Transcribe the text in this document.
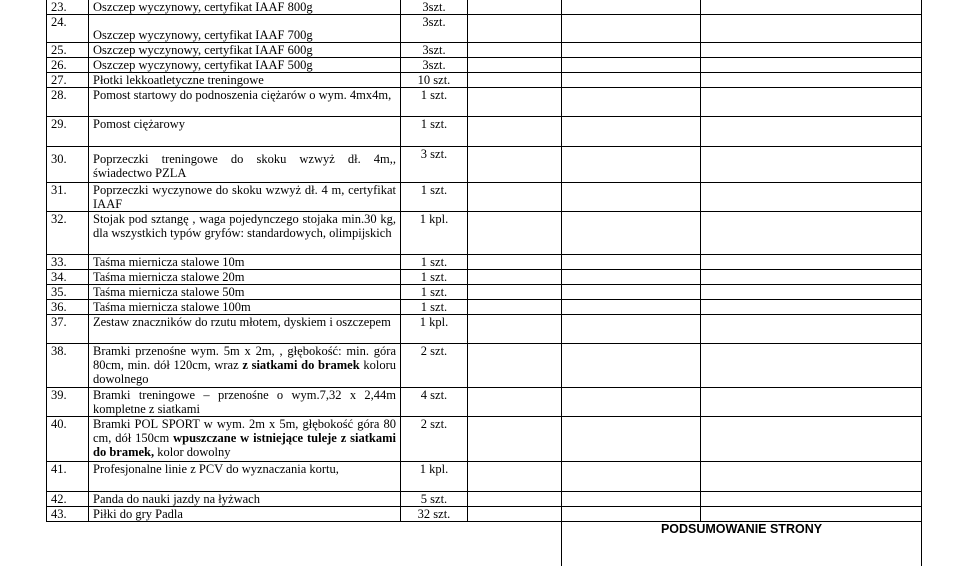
23.	Oszczep wyczynowy, certyfikat IAAF 800g	3szt.			
24.	Oszczep wyczynowy, certyfikat IAAF 700g	3szt.			
25.	Oszczep wyczynowy, certyfikat IAAF 600g	3szt.			
26.	Oszczep wyczynowy, certyfikat IAAF 500g	3szt.			
27.	Płotki lekkoatletyczne treningowe	10 szt.			
28.	Pomost startowy do podnoszenia ciężarów o wym. 4mx4m,	1 szt.			
29.	Pomost ciężarowy	1 szt.			
30.	Poprzeczki treningowe do skoku wzwyż dł. 4m,, świadectwo PZLA	3 szt.			
31.	Poprzeczki wyczynowe do skoku wzwyż dł. 4 m, certyfikat IAAF	1 szt.			
32.	Stojak pod sztangę , waga pojedynczego stojaka min.30 kg, dla wszystkich typów gryfów: standardowych, olimpijskich	1 kpl.			
33.	Taśma miernicza stalowe 10m	1 szt.			
34.	Taśma miernicza stalowe 20m	1 szt.			
35.	Taśma miernicza stalowe 50m	1 szt.			
36.	Taśma miernicza stalowe 100m	1 szt.			
37.	Zestaw znaczników do rzutu młotem, dyskiem i oszczepem	1 kpl.			
38.	Bramki przenośne wym. 5m x 2m, , głębokość: min. góra 80cm, min. dół 120cm, wraz z siatkami do bramek koloru dowolnego	2 szt.			
39.	Bramki treningowe – przenośne o wym.7,32 x 2,44m kompletne z siatkami	4 szt.			
40.	Bramki POL SPORT w wym. 2m x 5m, głębokość góra 80 cm, dół 150cm wpuszczane w istniejące tuleje z siatkami do bramek, kolor dowolny	2 szt.			
41.	Profesjonalne linie z PCV do wyznaczania kortu,	1 kpl.			
42.	Panda do nauki jazdy na łyżwach	5 szt.			
43.	Piłki do gry Padla	32 szt.			
				PODSUMOWANIE STRONY	
